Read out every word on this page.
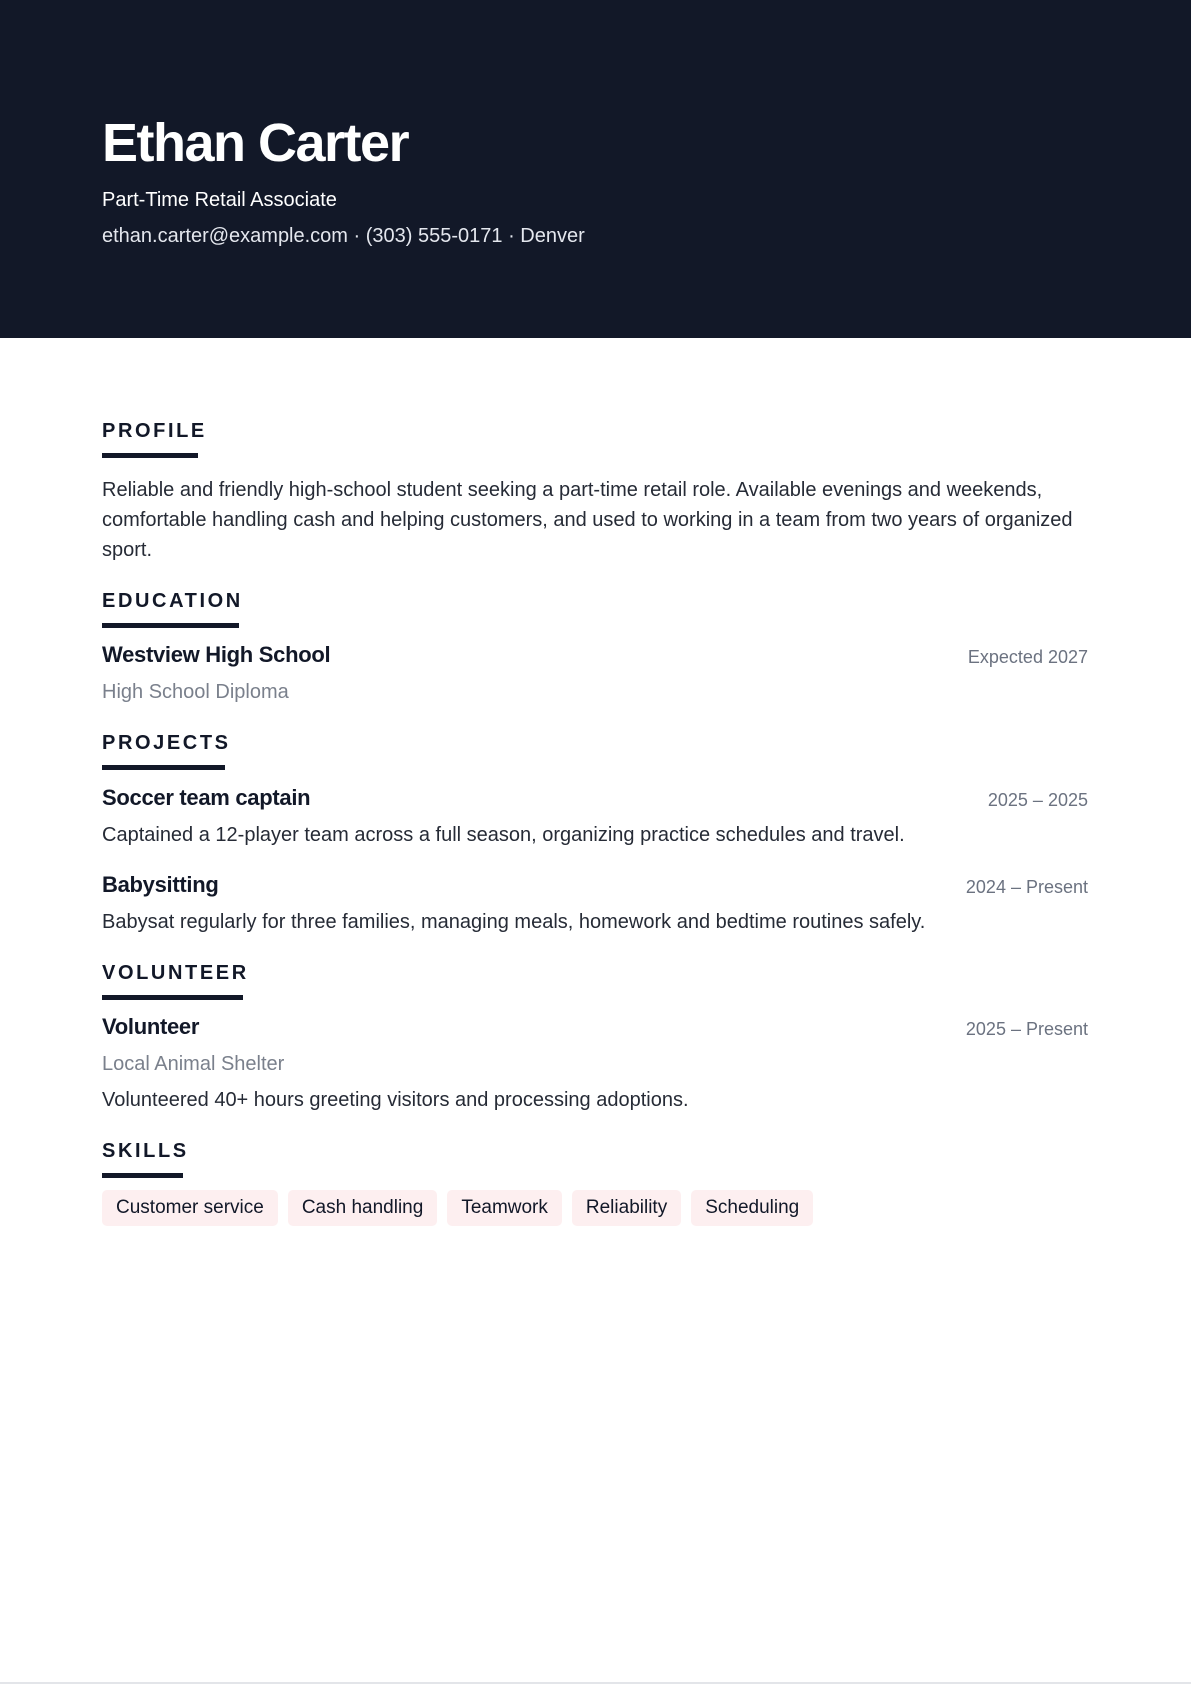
Ethan Carter
Part-Time Retail Associate
ethan.carter@example.com · (303) 555-0171 · Denver
PROFILE
Reliable and friendly high-school student seeking a part-time retail role. Available evenings and weekends, comfortable handling cash and helping customers, and used to working in a team from two years of organized sport.
EDUCATION
Westview High School	Expected 2027
High School Diploma
PROJECTS
Soccer team captain	2025 – 2025
Captained a 12-player team across a full season, organizing practice schedules and travel.
Babysitting	2024 – Present
Babysat regularly for three families, managing meals, homework and bedtime routines safely.
VOLUNTEER
Volunteer	2025 – Present
Local Animal Shelter
Volunteered 40+ hours greeting visitors and processing adoptions.
SKILLS
Customer service	Cash handling	Teamwork	Reliability	Scheduling
